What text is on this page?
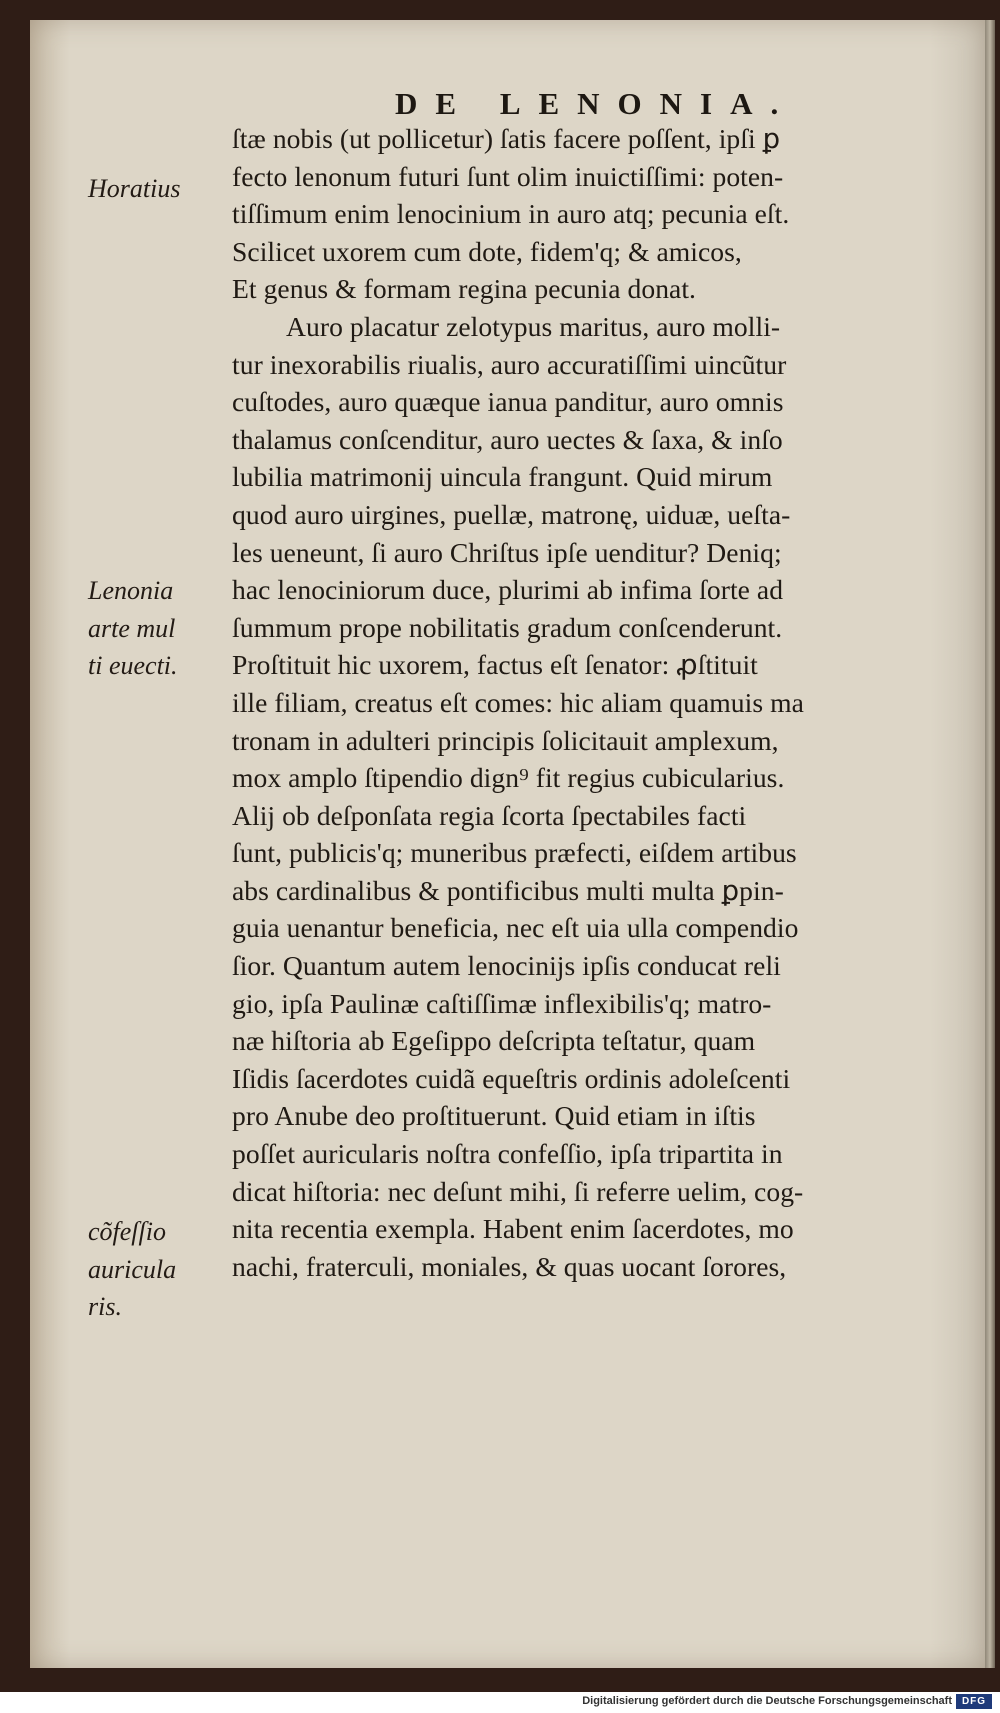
DE LENONIA.
ſtæ nobis (ut pollicetur) ſatis facere poſſent, ipſi ꝑ
fecto lenonum futuri ſunt olim inuictiſſimi: poten-
tiſſimum enim lenocinium in auro atq; pecunia eſt.
Scilicet uxorem cum dote, fidem'q; & amicos,
Et genus & formam regina pecunia donat.
Auro placatur zelotypus maritus, auro molli-
tur inexorabilis riualis, auro accuratiſſimi uincũtur
cuſtodes, auro quæque ianua panditur, auro omnis
thalamus conſcenditur, auro uectes & ſaxa, & inſo
lubilia matrimonij uincula frangunt. Quid mirum
quod auro uirgines, puellæ, matronę, uiduæ, ueſta-
les ueneunt, ſi auro Chriſtus ipſe uenditur? Deniq;
hac lenociniorum duce, plurimi ab infima ſorte ad
ſummum prope nobilitatis gradum conſcenderunt.
Proſtituit hic uxorem, factus eſt ſenator: ꝓſtituit
ille filiam, creatus eſt comes: hic aliam quamuis ma
tronam in adulteri principis ſolicitauit amplexum,
mox amplo ſtipendio dign⁹ fit regius cubicularius.
Alij ob deſponſata regia ſcorta ſpectabiles facti
ſunt, publicis'q; muneribus præfecti, eiſdem artibus
abs cardinalibus & pontificibus multi multa ꝑpin-
guia uenantur beneficia, nec eſt uia ulla compendio
ſior. Quantum autem lenocinijs ipſis conducat reli
gio, ipſa Paulinæ caſtiſſimæ inflexibilis'q; matro-
næ hiſtoria ab Egeſippo deſcripta teſtatur, quam
Iſidis ſacerdotes cuidã equeſtris ordinis adoleſcenti
pro Anube deo proſtituerunt. Quid etiam in iſtis
poſſet auricularis noſtra confeſſio, ipſa tripartita in
dicat hiſtoria: nec deſunt mihi, ſi referre uelim, cog-
nita recentia exempla. Habent enim ſacerdotes, mo
nachi, fraterculi, moniales, & quas uocant ſorores,
Horatius
Lenonia
arte mul
ti euecti.
cõfeſſio
auricula
ris.
Digitalisierung gefördert durch die Deutsche Forschungsgemeinschaft DFG
